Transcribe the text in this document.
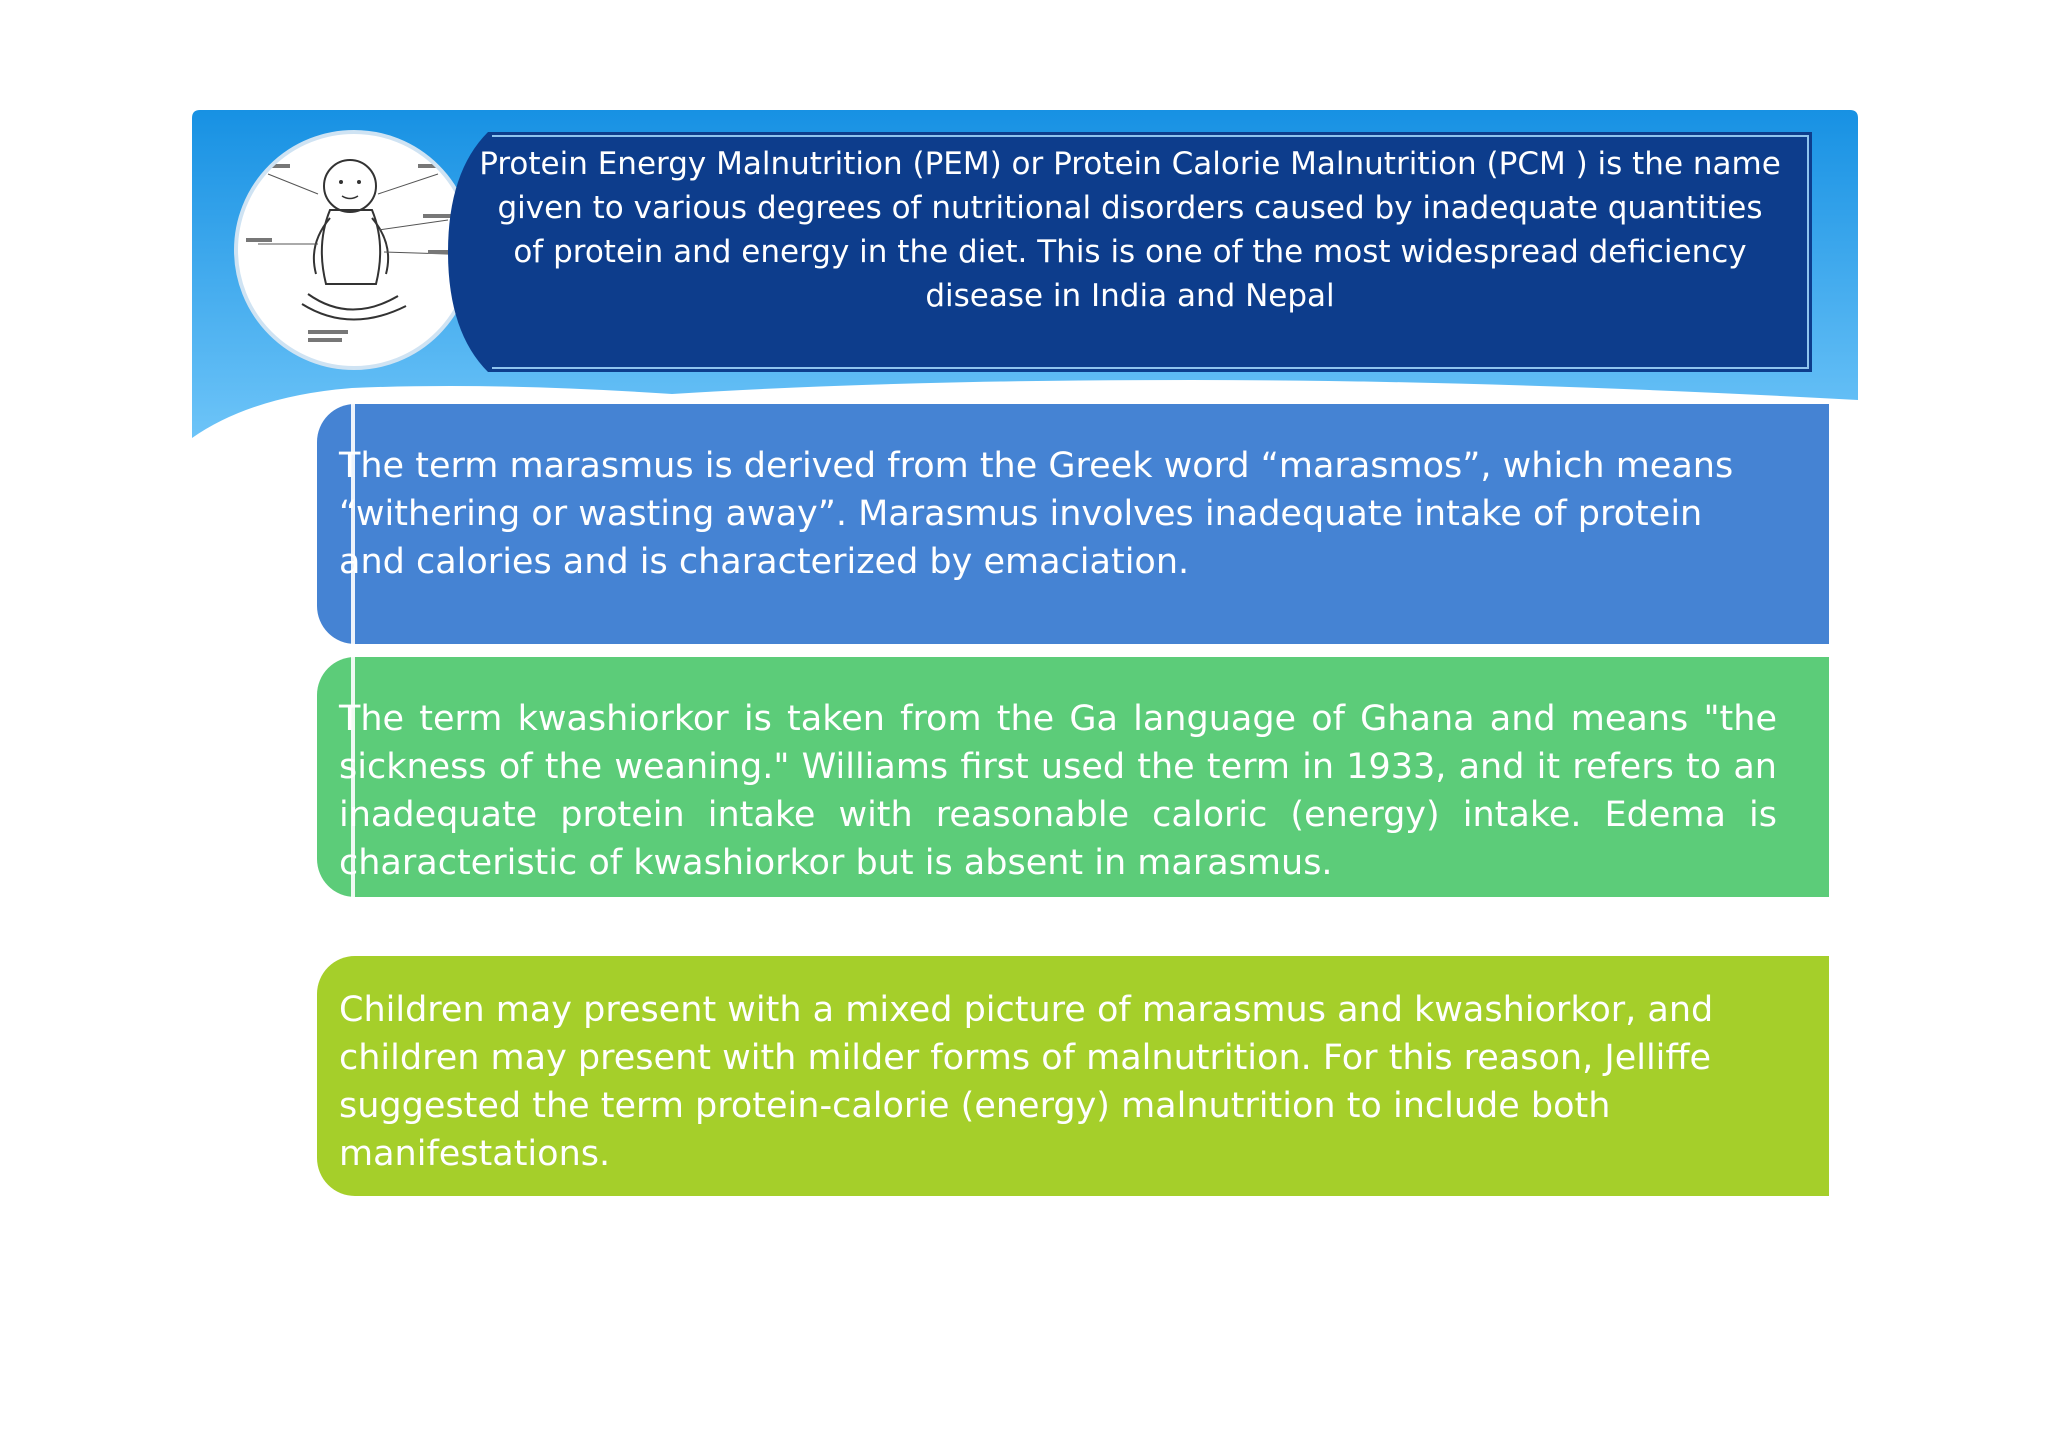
Protein Energy Malnutrition (PEM) or Protein Calorie Malnutrition (PCM ) is the name given to various degrees of nutritional disorders caused by inadequate quantities of protein and energy in the diet. This is one of the most widespread deficiency disease in India and Nepal

The term marasmus is derived from the Greek word “marasmos”, which means “withering or wasting away”. Marasmus involves inadequate intake of protein and calories and is characterized by emaciation.

The term kwashiorkor is taken from the Ga language of Ghana and means "the sickness of the weaning." Williams first used the term in 1933, and it refers to an inadequate protein intake with reasonable caloric (energy) intake. Edema is characteristic of kwashiorkor but is absent in marasmus.

Children may present with a mixed picture of marasmus and kwashiorkor, and children may present with milder forms of malnutrition. For this reason, Jelliffe suggested the term protein-calorie (energy) malnutrition to include both manifestations.
